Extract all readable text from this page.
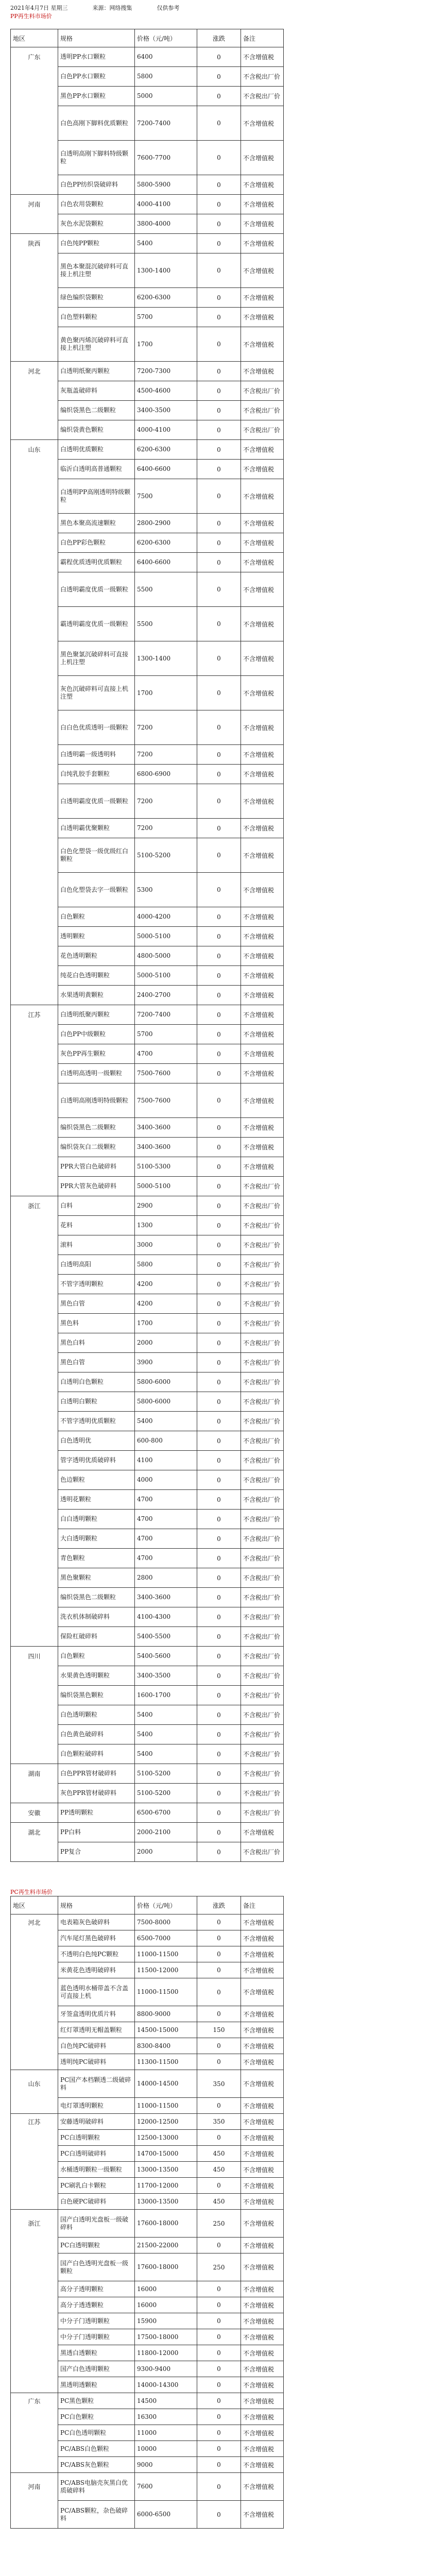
2021年4月7日 星期三	来源：网络搜集	仅供参考
PP再生料市场价
地区	规格	价格（元/吨）	涨跌	备注	
广东	透明PP水口颗粒	6400	0	不含增值税	
	白色PP水口颗粒	5800	0	不含税出厂价	
	黑色PP水口颗粒	5000	0	不含税出厂价	
	白色高刚下脚料优质颗粒	7200-7400	0	不含增值税	
	白透明高刚下脚料特级颗粒	7600-7700	0	不含增值税	
	白色PP纺织袋破碎料	5800-5900	0	不含增值税	
河南	白色农用袋颗粒	4000-4100	0	不含增值税	
	灰色水泥袋颗粒	3800-4000	0	不含增值税	
陕西	白色纯PP颗粒	5400	0	不含增值税	
	黑色本聚混沉破碎料可直接上机注塑	1300-1400	0	不含增值税	
	绿色编织袋颗粒	6200-6300	0	不含增值税	
	白色塑料颗粒	5700	0	不含增值税	
	黄色聚丙烯沉破碎料可直接上机注塑	1700	0	不含增值税	
河北	白透明纸聚丙颗粒	7200-7300	0	不含增值税	
	灰瓶盖破碎料	4500-4600	0	不含税出厂价	
	编织袋黑色二级颗粒	3400-3500	0	不含税出厂价	
	编织袋黄色颗粒	4000-4100	0	不含税出厂价	
山东	白透明优质颗粒	6200-6300	0	不含增值税	
	临沂白透明高普通颗粒	6400-6600	0	不含增值税	
	白透明PP高刚透明特级颗粒	7500	0	不含增值税	
	黑色本聚高流速颗粒	2800-2900	0	不含增值税	
	白色PP彩色颗粒	6200-6300	0	不含增值税	
	霸程优质透明优质颗粒	6400-6600	0	不含增值税	
	白透明霸度优质一级颗粒	5500	0	不含增值税	
	霸透明霸度优质一级颗粒	5500	0	不含增值税	
	黑色聚氯沉破碎料可直接上机注塑	1300-1400	0	不含增值税	
	灰色沉破碎料可直接上机注塑	1700	0	不含增值税	
	白白色优质透明一级颗粒	7200	0	不含增值税	
	白透明霸一级透明料	7200	0	不含增值税	
	白纯乳胶手套颗粒	6800-6900	0	不含增值税	
	白透明霸度优质一级颗粒	7200	0	不含增值税	
	白透明霸优聚颗粒	7200	0	不含增值税	
	白色化塑袋一级优级红白颗粒	5100-5200	0	不含增值税	
	白色化塑袋去字一级颗粒	5300	0	不含增值税	
	白色颗粒	4000-4200	0	不含增值税	
	透明颗粒	5000-5100	0	不含增值税	
	花色透明颗粒	4800-5000	0	不含增值税	
	纯花白色透明颗粒	5000-5100	0	不含增值税	
	水果透明黄颗粒	2400-2700	0	不含增值税	
江苏	白透明纸聚丙颗粒	7200-7400	0	不含增值税	
	白色PP中级颗粒	5700	0	不含增值税	
	灰色PP再生颗粒	4700	0	不含增值税	
	白透明高透明一级颗粒	7500-7600	0	不含增值税	
	白透明高刚透明特级颗粒	7500-7600	0	不含增值税	
	编织袋黑色二级颗粒	3400-3600	0	不含增值税	
	编织袋灰白二级颗粒	3400-3600	0	不含增值税	
	PPR大管白色破碎料	5100-5300	0	不含增值税	
	PPR大管灰色破碎料	5000-5100	0	不含税出厂价	
浙江	白料	2900	0	不含税出厂价	
	花料	1300	0	不含税出厂价	
	滚料	3000	0	不含税出厂价	
	白透明高阳	5800	0	不含税出厂价	
	不管字透明颗粒	4200	0	不含税出厂价	
	黑色白管	4200	0	不含税出厂价	
	黑色料	1700	0	不含税出厂价	
	黑色白料	2000	0	不含税出厂价	
	黑色白管	3900	0	不含税出厂价	
	白透明白色颗粒	5800-6000	0	不含税出厂价	
	白透明白颗粒	5800-6000	0	不含税出厂价	
	不管字透明优质颗粒	5400	0	不含税出厂价	
	白色透明优	600-800	0	不含税出厂价	
	管字透明优质破碎料	4100	0	不含税出厂价	
	色边颗粒	4000	0	不含税出厂价	
	透明花颗粒	4700	0	不含税出厂价	
	白白透明颗粒	4700	0	不含税出厂价	
	大白透明颗粒	4700	0	不含税出厂价	
	青色颗粒	4700	0	不含税出厂价	
	黑色聚颗粒	2800	0	不含税出厂价	
	编织袋黑色二级颗粒	3400-3600	0	不含税出厂价	
	洗衣机体制破碎料	4100-4300	0	不含税出厂价	
	保险杠破碎料	5400-5500	0	不含税出厂价	
四川	白色颗粒	5400-5600	0	不含税出厂价	
	水果黄色透明颗粒	3400-3500	0	不含税出厂价	
	编织袋黑色颗粒	1600-1700	0	不含税出厂价	
	白色透明颗粒	5400	0	不含税出厂价	
	白色黄色破碎料	5400	0	不含税出厂价	
	白色颗粒破碎料	5400	0	不含税出厂价	
湖南	白色PPR管材破碎料	5100-5200	0	不含税出厂价	
	灰色PPR管材破碎料	5100-5200	0	不含税出厂价	
安徽	PP透明颗粒	6500-6700	0	不含税出厂价	
湖北	PP白料	2000-2100	0	不含增值税	
	PP复合	2000	0	不含税出厂价	
PC再生料市场价
地区	规格	价格（元/吨）	涨跌	备注	
河北	电表箱灰色破碎料	7500-8000	0	不含增值税	
	汽车尾灯黑色破碎料	6500-7000	0	不含增值税	
	不透明白色纯PC颗粒	11000-11500	0	不含增值税	
	米黄花色透明破碎料	11500-12000	0	不含增值税	
	蓝色透明水桶带盖不含盖可直接上机	11000-11500	0	不含增值税	
	牙签盒透明优质片料	8800-9000	0	不含增值税	
	红灯罩透明无帽盖颗粒	14500-15000	150	不含增值税	
	白色纯PC破碎料	8300-8400	0	不含增值税	
	透明纯PC破碎料	11300-11500	0	不含增值税	
山东	PC国产本档颗透二级破碎料	14000-14500	350	不含增值税	
	电灯罩透明颗粒	11000-11500	0	不含增值税	
江苏	安藤透明破碎料	12000-12500	350	不含增值税	
	PC白透明颗粒	12500-13000	0	不含增值税	
	PC白透明破碎料	14700-15000	450	不含增值税	
	水桶透明颗粒一级颗粒	13000-13500	450	不含增值税	
	PC刷乳白卡颗粒	11700-12000	0	不含增值税	
	白色硬PC破碎料	13000-13500	450	不含增值税	
浙江	国产白透明光盘板一级破碎料	17600-18000	250	不含增值税	
	PC白透明颗粒	21500-22000	0	不含增值税	
	国产白色透明光盘板一级颗粒	17600-18000	250	不含增值税	
	高分子透明颗粒	16000	0	不含增值税	
	高分子透透颗粒	16000	0	不含增值税	
	中分子门透明颗粒	15900	0	不含增值税	
	中分子门透明颗粒	17500-18000	0	不含增值税	
	黑透白透颗粒	11800-12000	0	不含增值税	
	国产白色透明颗粒	9300-9400	0	不含增值税	
	黑透明透颗粒	14000-14300	0	不含增值税	
广东	PC黑色颗粒	14500	0	不含增值税	
	PC白色颗粒	16300	0	不含增值税	
	PC白色透明颗粒	11000	0	不含增值税	
	PC/ABS白色颗粒	10000	0	不含增值税	
	PC/ABS灰色颗粒	9000	0	不含增值税	
河南	PC/ABS电脑壳灰黑白优质破碎料	7600	0	不含增值税	
	PC/ABS颗粒，杂色破碎料	6000-6500	0	不含增值税	
